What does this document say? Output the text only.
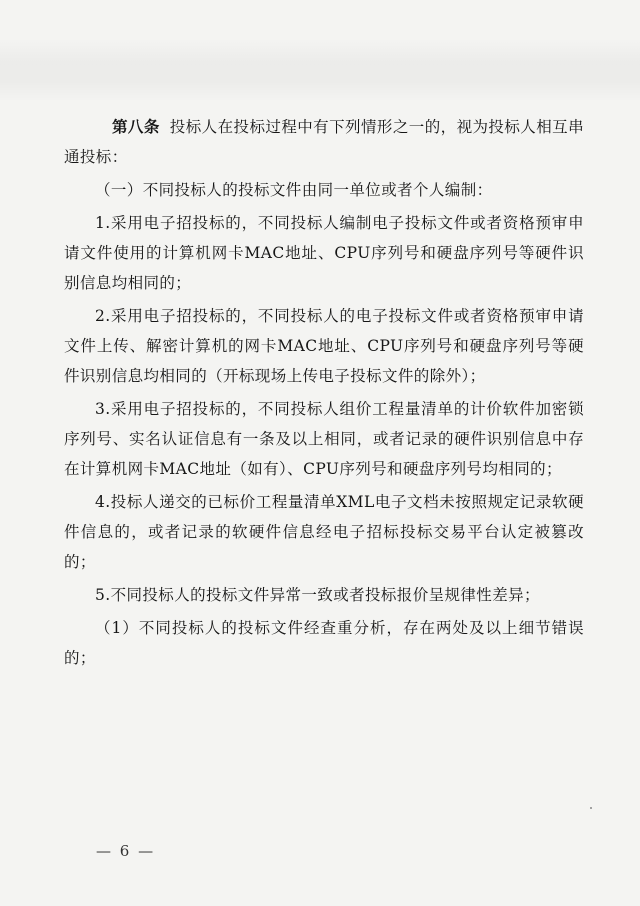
第八条 投标人在投标过程中有下列情形之一的，视为投标人相互串通投标：

（一）不同投标人的投标文件由同一单位或者个人编制：

1.采用电子招投标的，不同投标人编制电子投标文件或者资格预审申请文件使用的计算机网卡MAC地址、CPU序列号和硬盘序列号等硬件识别信息均相同的；

2.采用电子招投标的，不同投标人的电子投标文件或者资格预审申请文件上传、解密计算机的网卡MAC地址、CPU序列号和硬盘序列号等硬件识别信息均相同的（开标现场上传电子投标文件的除外）；

3.采用电子招投标的，不同投标人组价工程量清单的计价软件加密锁序列号、实名认证信息有一条及以上相同，或者记录的硬件识别信息中存在计算机网卡MAC地址（如有）、CPU序列号和硬盘序列号均相同的；

4.投标人递交的已标价工程量清单XML电子文档未按照规定记录软硬件信息的，或者记录的软硬件信息经电子招标投标交易平台认定被篡改的；

5.不同投标人的投标文件异常一致或者投标报价呈规律性差异；

（1）不同投标人的投标文件经查重分析，存在两处及以上细节错误的；

— 6 —
